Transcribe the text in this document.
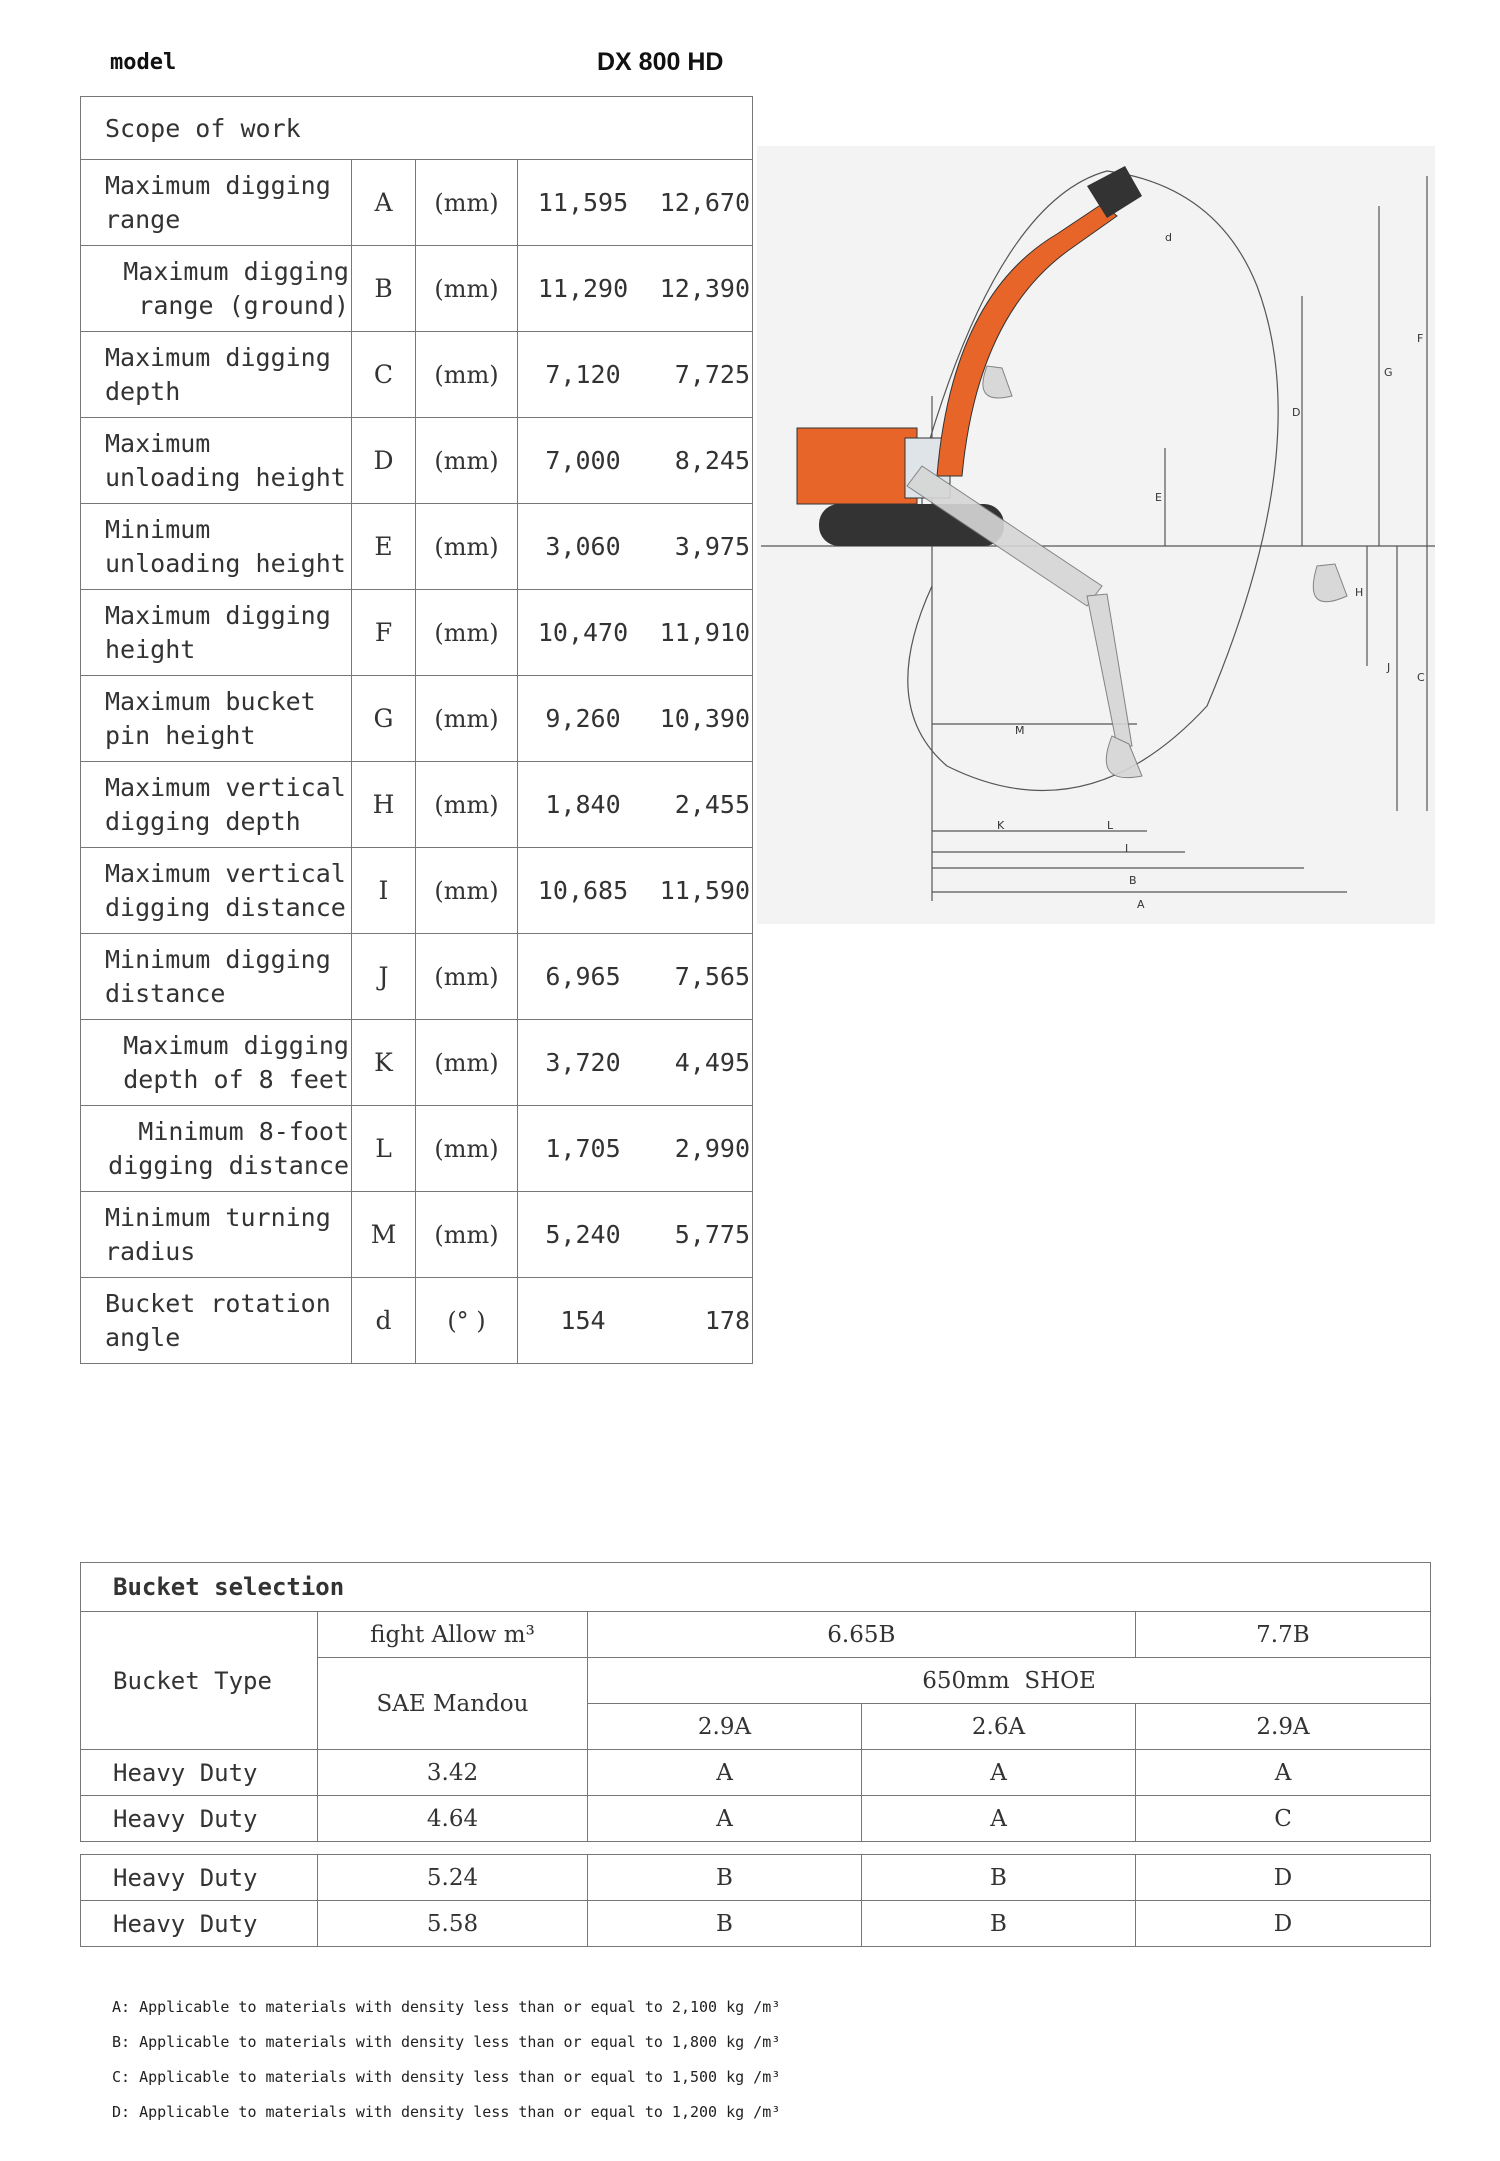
model	DX 800 HD
Scope of work			
Maximum digging range	A	(mm)	11,595 12,670
Maximum digging range (ground)	B	(mm)	11,290 12,390
Maximum digging depth	C	(mm)	7,120 7,725
Maximum unloading height	D	(mm)	7,000 8,245
Minimum unloading height	E	(mm)	3,060 3,975
Maximum digging height	F	(mm)	10,470 11,910
Maximum bucket pin height	G	(mm)	9,260 10,390
Maximum vertical digging depth	H	(mm)	1,840 2,455
Maximum vertical digging distance	I	(mm)	10,685 11,590
Minimum digging distance	J	(mm)	6,965 7,565
Maximum digging depth of 8 feet	K	(mm)	3,720 4,495
Minimum 8-foot digging distance	L	(mm)	1,705 2,990
Minimum turning radius	M	(mm)	5,240 5,775
Bucket rotation angle	d	(° )	154 178
A
B
C
D
E
F
G
H
I
J
K	L
M
d
Bucket selection				
Bucket Type	fight Allow m³	6.65B 7.7B		

	SAE Mandou	650mm  SHOE		
		2.9A	2.6A	2.9A
Heavy Duty	3.42	A	A	A
Heavy Duty	4.64	A	A	C

Heavy Duty	5.24	B	B	D
Heavy Duty	5.58	B	B	D
A: Applicable to materials with density less than or equal to 2,100 kg /m³
B: Applicable to materials with density less than or equal to 1,800 kg /m³
C: Applicable to materials with density less than or equal to 1,500 kg /m³
D: Applicable to materials with density less than or equal to 1,200 kg /m³
